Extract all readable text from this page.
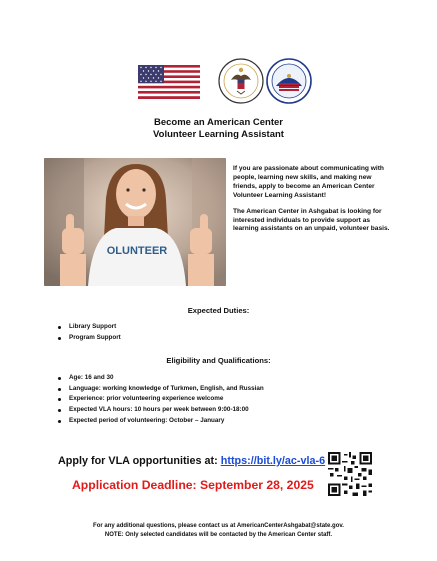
Become an American Center
Volunteer Learning Assistant
OLUNTEER

If you are passionate about communicating with people, learning new skills, and making new friends, apply to become an American Center Volunteer Learning Assistant!

The American Center in Ashgabat is looking for interested individuals to provide support as learning assistants on an unpaid, volunteer basis.

Expected Duties:
Library Support
Program Support
Eligibility and Qualifications:
Age: 16 and 30
Language: working knowledge of Turkmen, English, and Russian
Experience: prior volunteering experience welcome
Expected VLA hours: 10 hours per week between 9:00-18:00
Expected period of volunteering: October – January
Apply for VLA opportunities at: https://bit.ly/ac-vla-6
Application Deadline: September 28, 2025
For any additional questions, please contact us at AmericanCenterAshgabat@state.gov.
NOTE: Only selected candidates will be contacted by the American Center staff.
